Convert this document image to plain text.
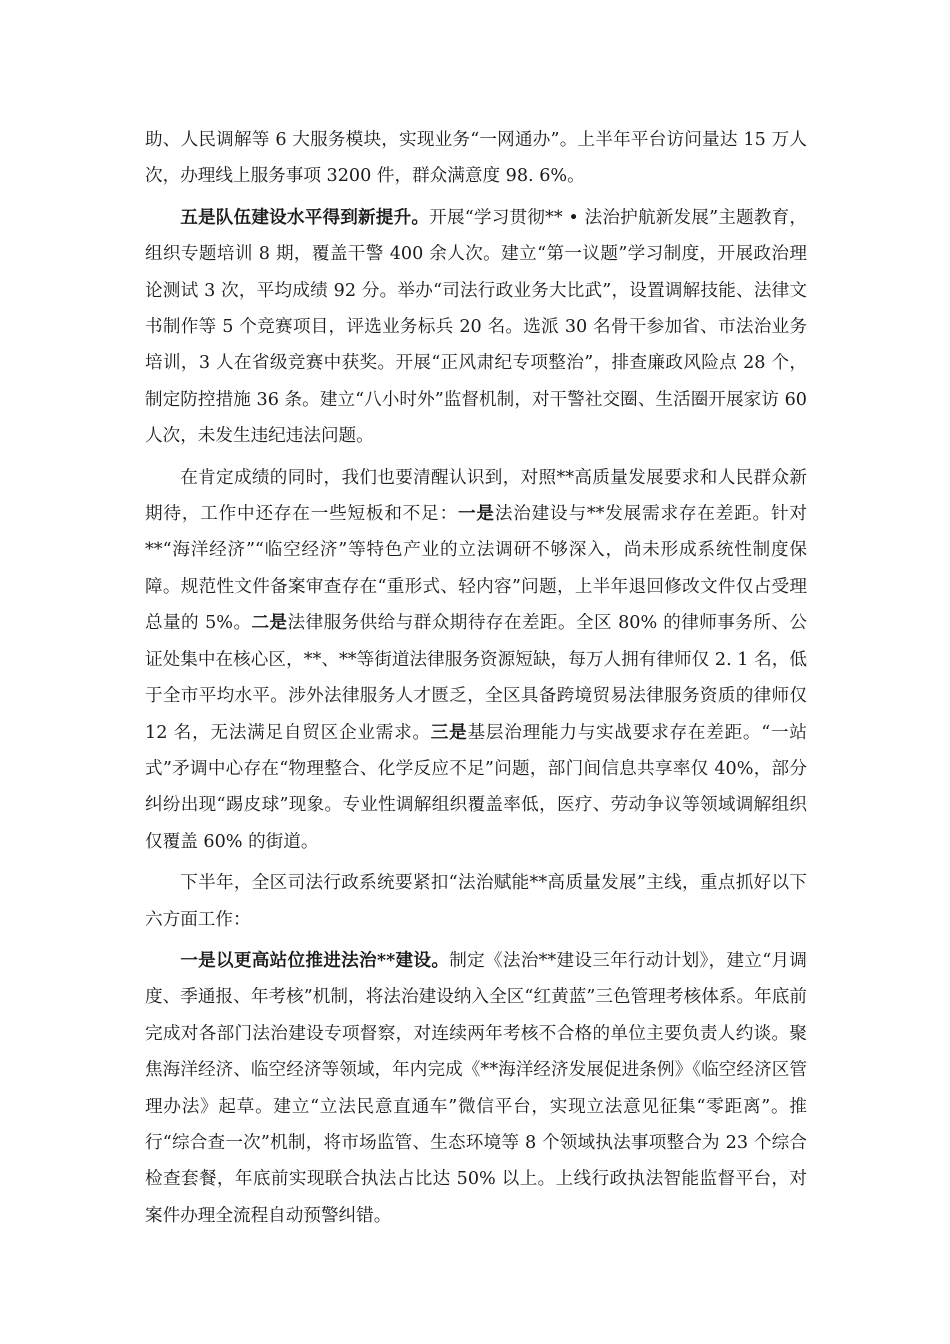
助、人民调解等 6 大服务模块，实现业务“一网通办”。上半年平台访问量达 15 万人次，办理线上服务事项 3200 件，群众满意度 98. 6%。

五是队伍建设水平得到新提升。开展“学习贯彻** • 法治护航新发展”主题教育，组织专题培训 8 期，覆盖干警 400 余人次。建立“第一议题”学习制度，开展政治理论测试 3 次，平均成绩 92 分。举办“司法行政业务大比武”，设置调解技能、法律文书制作等 5 个竞赛项目，评选业务标兵 20 名。选派 30 名骨干参加省、市法治业务培训，3 人在省级竞赛中获奖。开展“正风肃纪专项整治”，排查廉政风险点 28 个，制定防控措施 36 条。建立“八小时外”监督机制，对干警社交圈、生活圈开展家访 60 人次，未发生违纪违法问题。

在肯定成绩的同时，我们也要清醒认识到，对照**高质量发展要求和人民群众新期待，工作中还存在一些短板和不足：一是法治建设与**发展需求存在差距。针对**“海洋经济”“临空经济”等特色产业的立法调研不够深入，尚未形成系统性制度保障。规范性文件备案审查存在“重形式、轻内容”问题，上半年退回修改文件仅占受理总量的 5%。二是法律服务供给与群众期待存在差距。全区 80% 的律师事务所、公证处集中在核心区，**、**等街道法律服务资源短缺，每万人拥有律师仅 2. 1 名，低于全市平均水平。涉外法律服务人才匮乏，全区具备跨境贸易法律服务资质的律师仅 12 名，无法满足自贸区企业需求。三是基层治理能力与实战要求存在差距。“一站式”矛调中心存在“物理整合、化学反应不足”问题，部门间信息共享率仅 40%，部分纠纷出现“踢皮球”现象。专业性调解组织覆盖率低，医疗、劳动争议等领域调解组织仅覆盖 60% 的街道。

下半年，全区司法行政系统要紧扣“法治赋能**高质量发展”主线，重点抓好以下六方面工作：

一是以更高站位推进法治**建设。制定《法治**建设三年行动计划》，建立“月调度、季通报、年考核”机制，将法治建设纳入全区“红黄蓝”三色管理考核体系。年底前完成对各部门法治建设专项督察，对连续两年考核不合格的单位主要负责人约谈。聚焦海洋经济、临空经济等领域，年内完成《**海洋经济发展促进条例》《临空经济区管理办法》起草。建立“立法民意直通车”微信平台，实现立法意见征集“零距离”。推行“综合查一次”机制，将市场监管、生态环境等 8 个领域执法事项整合为 23 个综合检查套餐，年底前实现联合执法占比达 50% 以上。上线行政执法智能监督平台，对案件办理全流程自动预警纠错。
